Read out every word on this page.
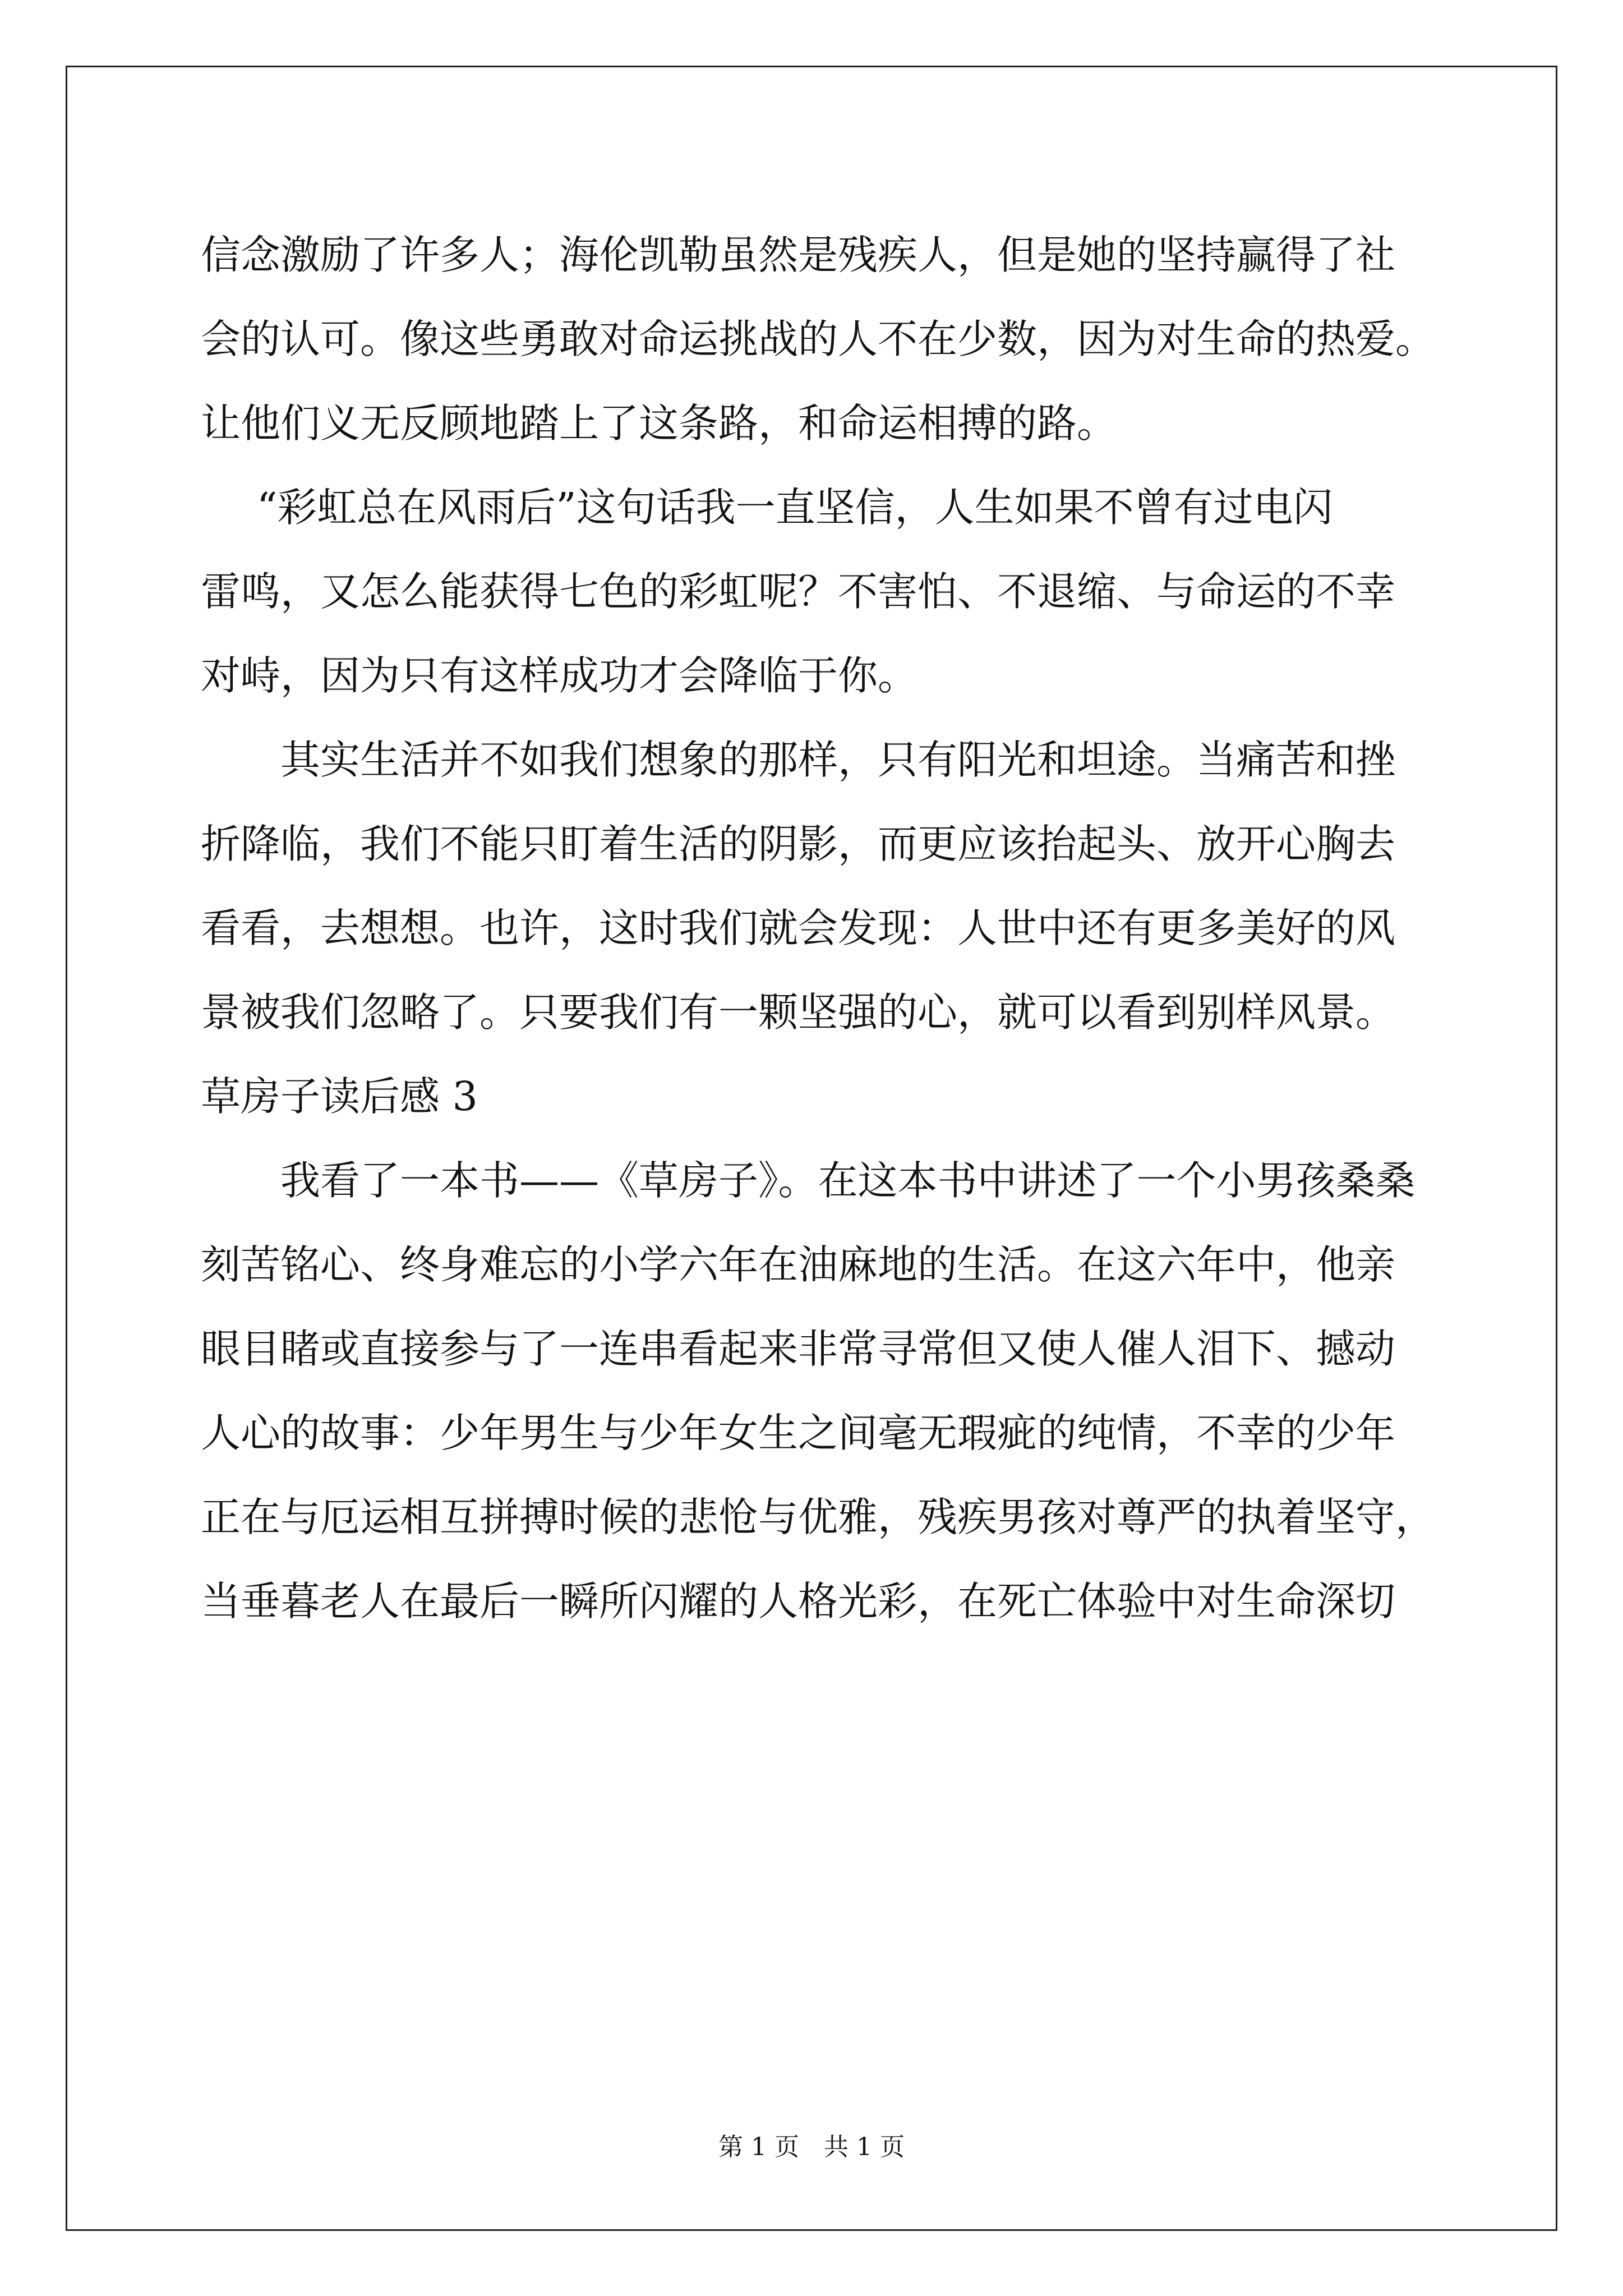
信念激励了许多人；海伦凯勒虽然是残疾人，但是她的坚持赢得了社

会的认可。像这些勇敢对命运挑战的人不在少数，因为对生命的热爱。

让他们义无反顾地踏上了这条路，和命运相搏的路。

“彩虹总在风雨后”这句话我一直坚信，人生如果不曾有过电闪

雷鸣，又怎么能获得七色的彩虹呢？不害怕、不退缩、与命运的不幸

对峙，因为只有这样成功才会降临于你。

其实生活并不如我们想象的那样，只有阳光和坦途。当痛苦和挫

折降临，我们不能只盯着生活的阴影，而更应该抬起头、放开心胸去

看看，去想想。也许，这时我们就会发现：人世中还有更多美好的风

景被我们忽略了。只要我们有一颗坚强的心，就可以看到别样风景。

草房子读后感 3

我看了一本书——《草房子》。在这本书中讲述了一个小男孩桑桑

刻苦铭心、终身难忘的小学六年在油麻地的生活。在这六年中，他亲

眼目睹或直接参与了一连串看起来非常寻常但又使人催人泪下、撼动

人心的故事：少年男生与少年女生之间毫无瑕疵的纯情，不幸的少年

正在与厄运相互拼搏时候的悲怆与优雅，残疾男孩对尊严的执着坚守，

当垂暮老人在最后一瞬所闪耀的人格光彩，在死亡体验中对生命深切

第 1 页　共 1 页
